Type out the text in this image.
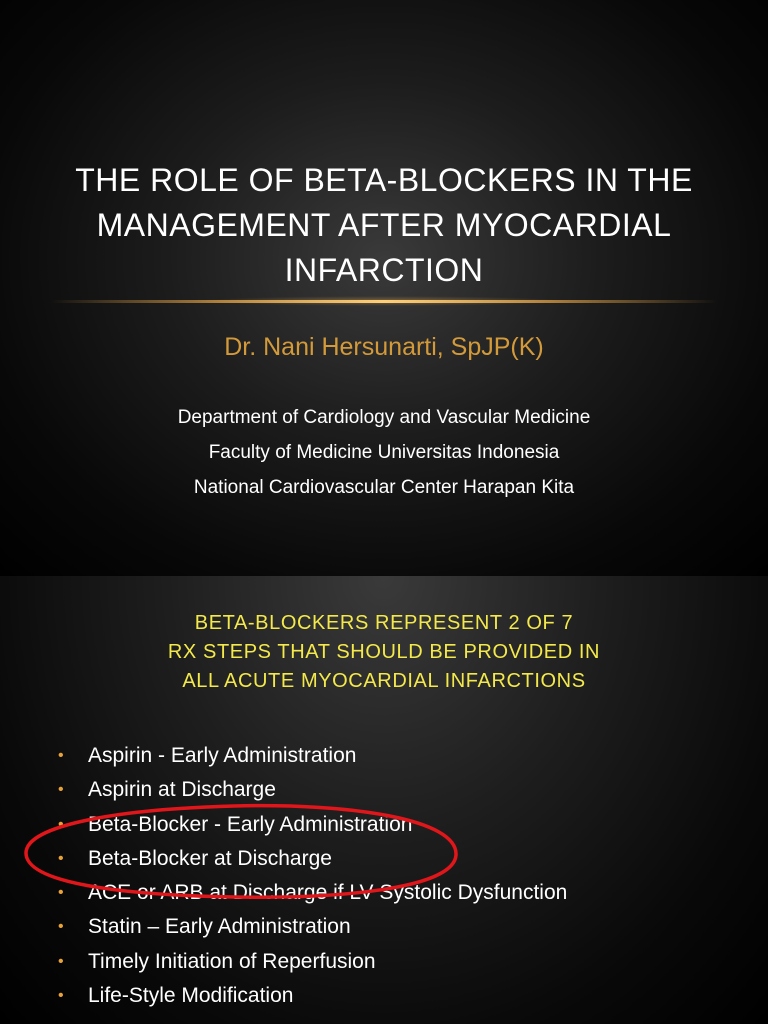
THE ROLE OF BETA-BLOCKERS IN THE
MANAGEMENT AFTER MYOCARDIAL
INFARCTION
Dr. Nani Hersunarti, SpJP(K)
Department of Cardiology and Vascular Medicine
Faculty of Medicine Universitas Indonesia
National Cardiovascular Center Harapan Kita
BETA-BLOCKERS REPRESENT 2 OF 7
RX STEPS THAT SHOULD BE PROVIDED IN
ALL ACUTE MYOCARDIAL INFARCTIONS
• Aspirin - Early Administration
• Aspirin at Discharge
• Beta-Blocker - Early Administration
• Beta-Blocker at Discharge
• ACE or ARB at Discharge if LV Systolic Dysfunction
• Statin – Early Administration
• Timely Initiation of Reperfusion
• Life-Style Modification
